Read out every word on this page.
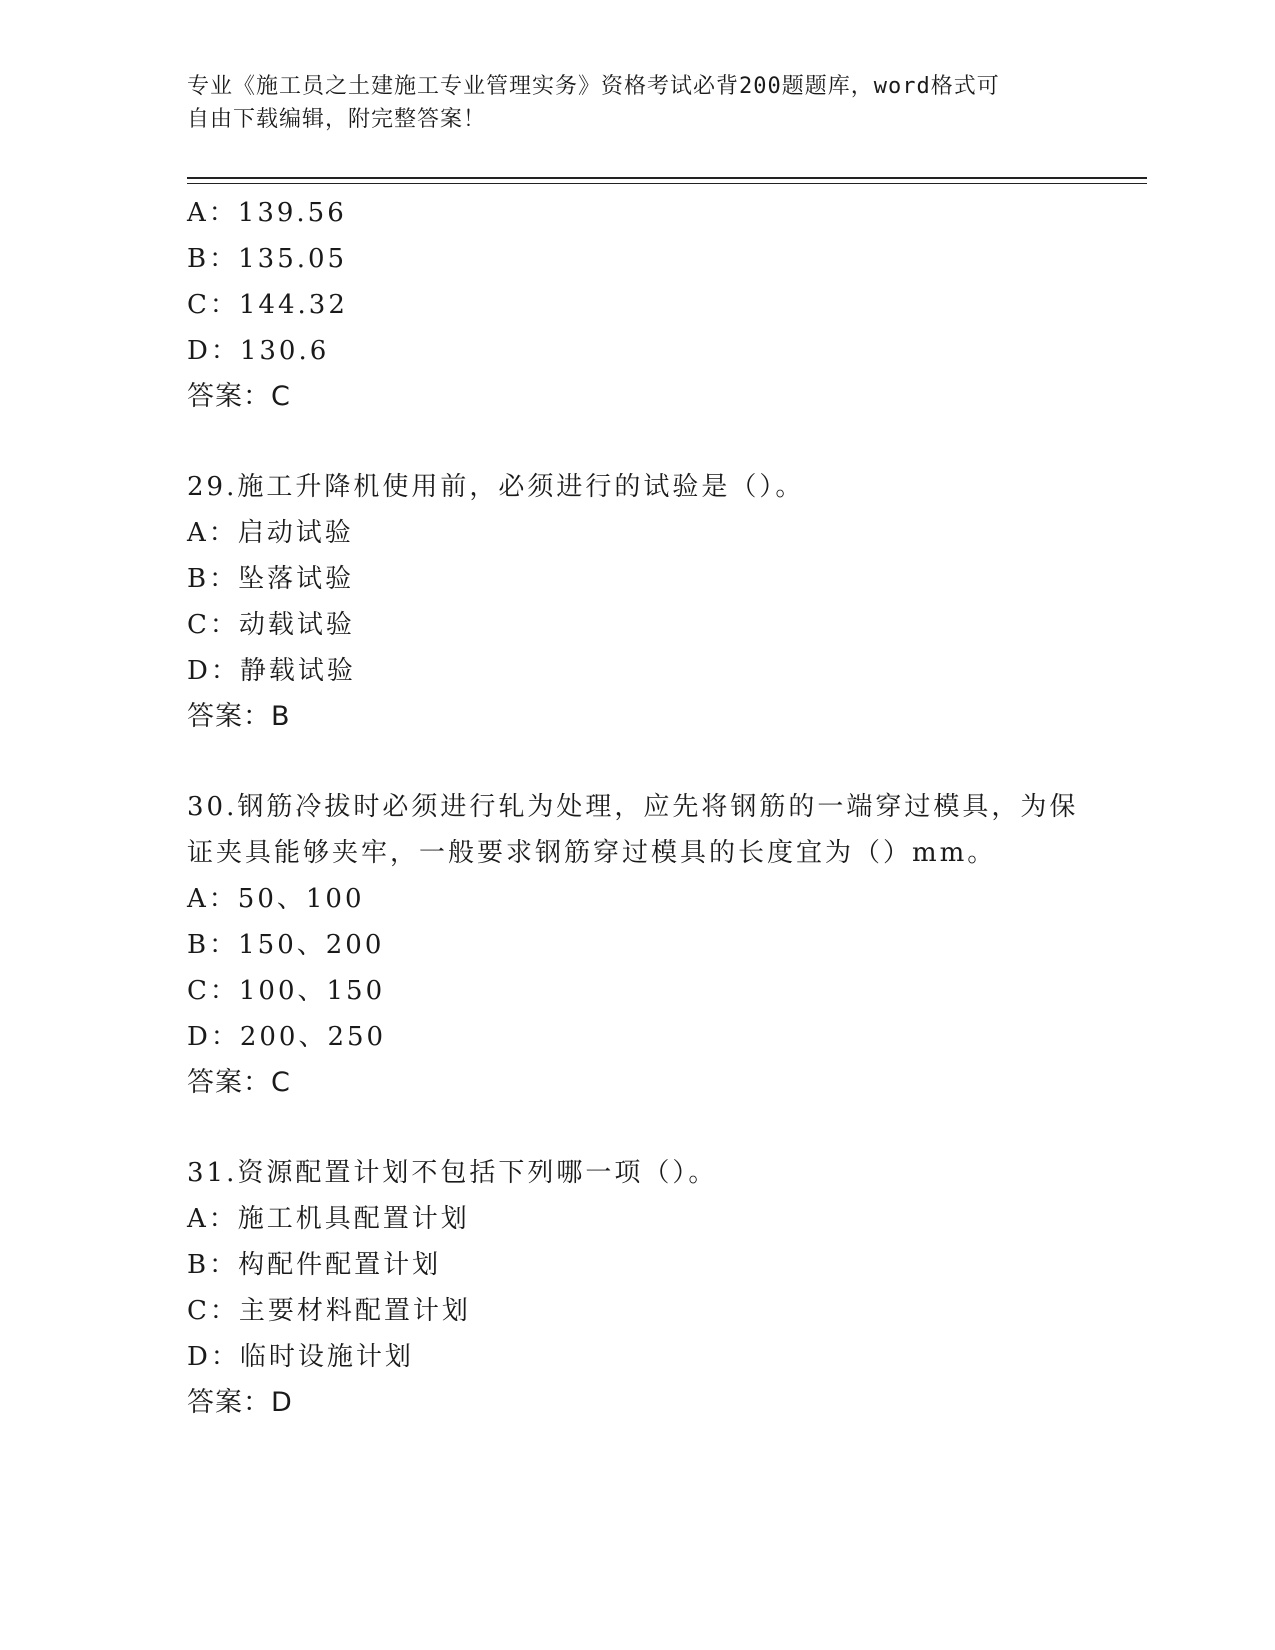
专业《施工员之土建施工专业管理实务》资格考试必背200题题库，word格式可
自由下载编辑，附完整答案！
A：139.56
B：135.05
C：144.32
D：130.6
答案：C
29.施工升降机使用前，必须进行的试验是（）。
A：启动试验
B：坠落试验
C：动载试验
D：静载试验
答案：B
30.钢筋冷拔时必须进行轧为处理，应先将钢筋的一端穿过模具，为保
证夹具能够夹牢，一般要求钢筋穿过模具的长度宜为（）mm。
A：50、100
B：150、200
C：100、150
D：200、250
答案：C
31.资源配置计划不包括下列哪一项（）。
A：施工机具配置计划
B：构配件配置计划
C：主要材料配置计划
D：临时设施计划
答案：D
